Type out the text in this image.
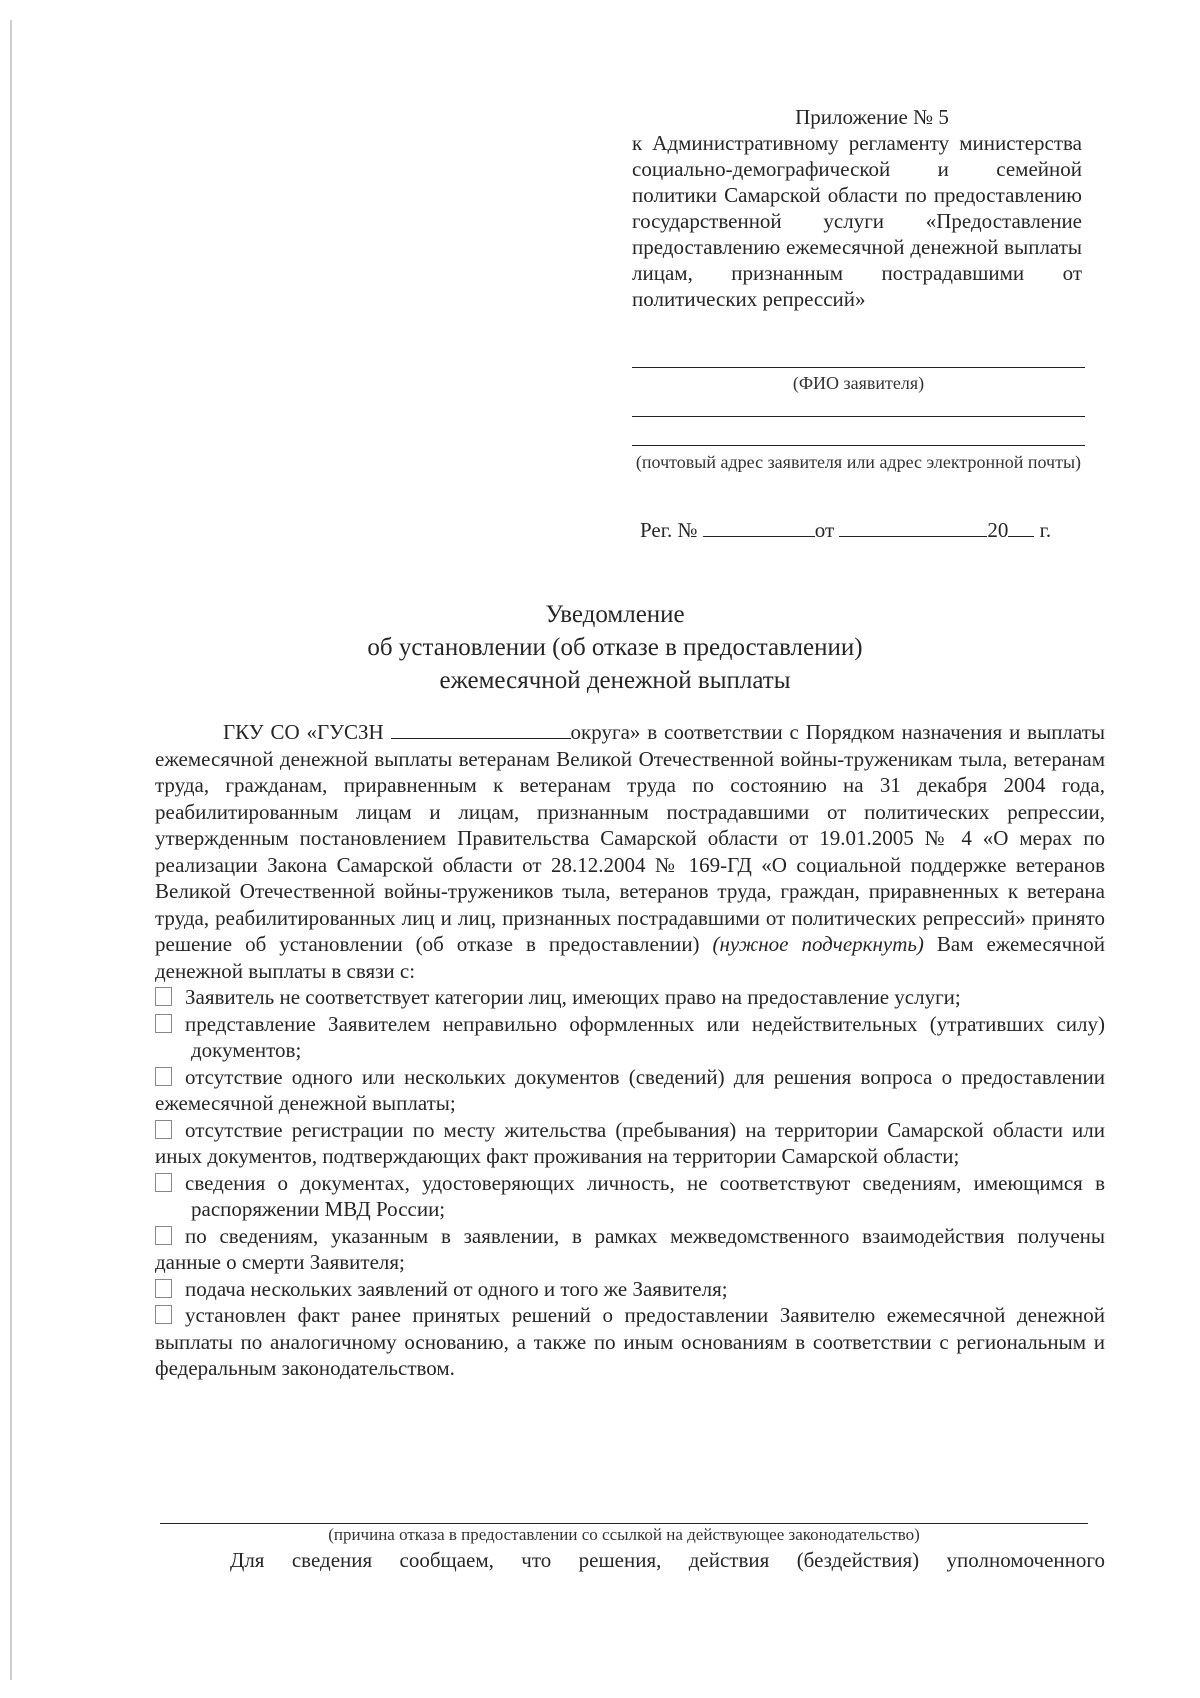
Приложение № 5
к Административному регламенту министерства социально-демографической и семейной политики Самарской области по предоставлению государственной услуги «Предоставление предоставлению ежемесячной денежной выплаты лицам, признанным пострадавшими от политических репрессий»
(ФИО заявителя)
(почтовый адрес заявителя или адрес электронной почты)
Рег. №	от	20 г.
Уведомление
об установлении (об отказе в предоставлении)
ежемесячной денежной выплаты

ГКУ СО «ГУСЗН	округа» в соответствии с Порядком назначения и выплаты ежемесячной денежной выплаты ветеранам Великой Отечественной войны-труженикам тыла, ветеранам труда, гражданам, приравненным к ветеранам труда по состоянию на 31 декабря 2004 года, реабилитированным лицам и лицам, признанным пострадавшими от политических репрессии, утвержденным постановлением Правительства Самарской области от 19.01.2005 № 4 «О мерах по реализации Закона Самарской области от 28.12.2004 № 169-ГД «О социальной поддержке ветеранов Великой Отечественной войны-тружеников тыла, ветеранов труда, граждан, приравненных к ветерана труда, реабилитированных лиц и лиц, признанных пострадавшими от политических репрессий» принято решение об установлении (об отказе в предоставлении) (нужное подчеркнуть) Вам ежемесячной денежной выплаты в связи с:

Заявитель не соответствует категории лиц, имеющих право на предоставление услуги;

представление Заявителем неправильно оформленных или недействительных (утративших силу) документов;

отсутствие одного или нескольких документов (сведений) для решения вопроса о предоставлении ежемесячной денежной выплаты;

отсутствие регистрации по месту жительства (пребывания) на территории Самарской области или иных документов, подтверждающих факт проживания на территории Самарской области;

сведения о документах, удостоверяющих личность, не соответствуют сведениям, имеющимся в распоряжении МВД России;

по сведениям, указанным в заявлении, в рамках межведомственного взаимодействия получены данные о смерти Заявителя;

подача нескольких заявлений от одного и того же Заявителя;

установлен факт ранее принятых решений о предоставлении Заявителю ежемесячной денежной выплаты по аналогичному основанию, а также по иным основаниям в соответствии с региональным и федеральным законодательством.

(причина отказа в предоставлении со ссылкой на действующее законодательство)
Для сведения сообщаем, что решения, действия (бездействия) уполномоченного
